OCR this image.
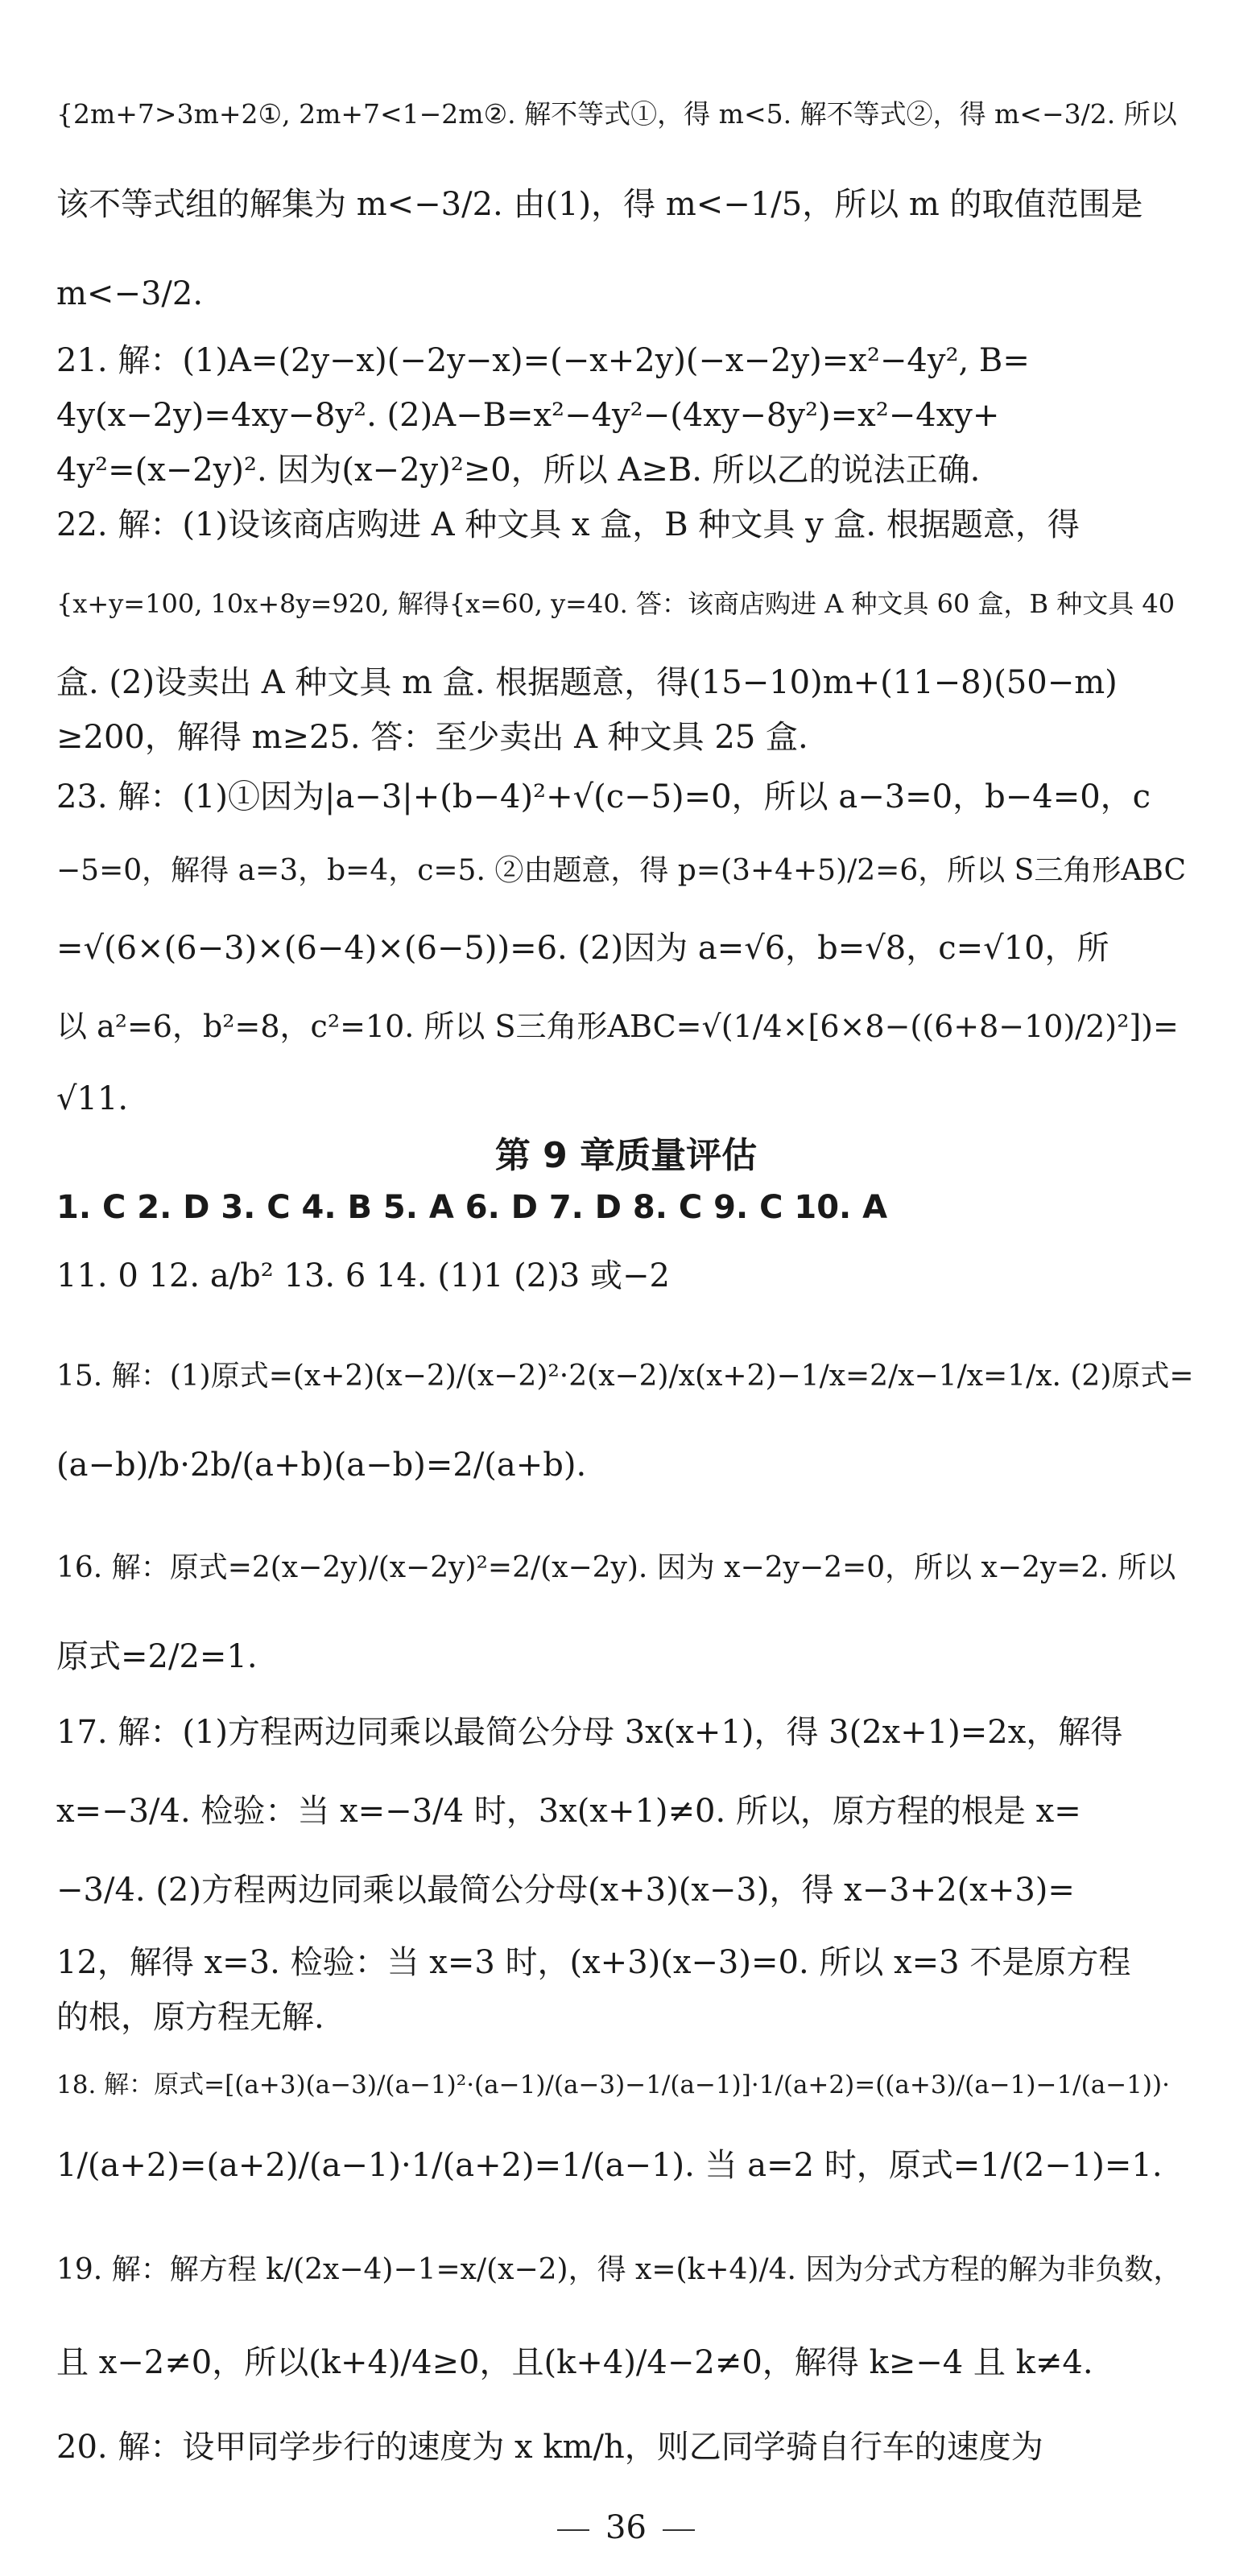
{2m+7>3m+2①, 2m+7<1−2m②. 解不等式①，得 m<5. 解不等式②，得 m<−3/2. 所以
该不等式组的解集为 m<−3/2. 由(1)，得 m<−1/5，所以 m 的取值范围是
m<−3/2.
21. 解：(1)A=(2y−x)(−2y−x)=(−x+2y)(−x−2y)=x²−4y², B=
4y(x−2y)=4xy−8y². (2)A−B=x²−4y²−(4xy−8y²)=x²−4xy+
4y²=(x−2y)². 因为(x−2y)²≥0，所以 A≥B. 所以乙的说法正确.
22. 解：(1)设该商店购进 A 种文具 x 盒，B 种文具 y 盒. 根据题意，得
{x+y=100, 10x+8y=920, 解得{x=60, y=40. 答：该商店购进 A 种文具 60 盒，B 种文具 40
盒. (2)设卖出 A 种文具 m 盒. 根据题意，得(15−10)m+(11−8)(50−m)
≥200，解得 m≥25. 答：至少卖出 A 种文具 25 盒.
23. 解：(1)①因为|a−3|+(b−4)²+√(c−5)=0，所以 a−3=0，b−4=0，c
−5=0，解得 a=3，b=4，c=5. ②由题意，得 p=(3+4+5)/2=6，所以 S三角形ABC
=√(6×(6−3)×(6−4)×(6−5))=6. (2)因为 a=√6，b=√8，c=√10，所
以 a²=6，b²=8，c²=10. 所以 S三角形ABC=√(1/4×[6×8−((6+8−10)/2)²])=
√11.
第 9 章质量评估
1. C 2. D 3. C 4. B 5. A 6. D 7. D 8. C 9. C 10. A
11. 0 12. a/b² 13. 6 14. (1)1 (2)3 或−2
15. 解：(1)原式=(x+2)(x−2)/(x−2)²·2(x−2)/x(x+2)−1/x=2/x−1/x=1/x. (2)原式=
(a−b)/b·2b/(a+b)(a−b)=2/(a+b).
16. 解：原式=2(x−2y)/(x−2y)²=2/(x−2y). 因为 x−2y−2=0，所以 x−2y=2. 所以
原式=2/2=1.
17. 解：(1)方程两边同乘以最简公分母 3x(x+1)，得 3(2x+1)=2x，解得
x=−3/4. 检验：当 x=−3/4 时，3x(x+1)≠0. 所以，原方程的根是 x=
−3/4. (2)方程两边同乘以最简公分母(x+3)(x−3)，得 x−3+2(x+3)=
12，解得 x=3. 检验：当 x=3 时，(x+3)(x−3)=0. 所以 x=3 不是原方程
的根，原方程无解.
18. 解：原式=[(a+3)(a−3)/(a−1)²·(a−1)/(a−3)−1/(a−1)]·1/(a+2)=((a+3)/(a−1)−1/(a−1))·
1/(a+2)=(a+2)/(a−1)·1/(a+2)=1/(a−1). 当 a=2 时，原式=1/(2−1)=1.
19. 解：解方程 k/(2x−4)−1=x/(x−2)，得 x=(k+4)/4. 因为分式方程的解为非负数，
且 x−2≠0，所以(k+4)/4≥0，且(k+4)/4−2≠0，解得 k≥−4 且 k≠4.
20. 解：设甲同学步行的速度为 x km/h，则乙同学骑自行车的速度为
36
